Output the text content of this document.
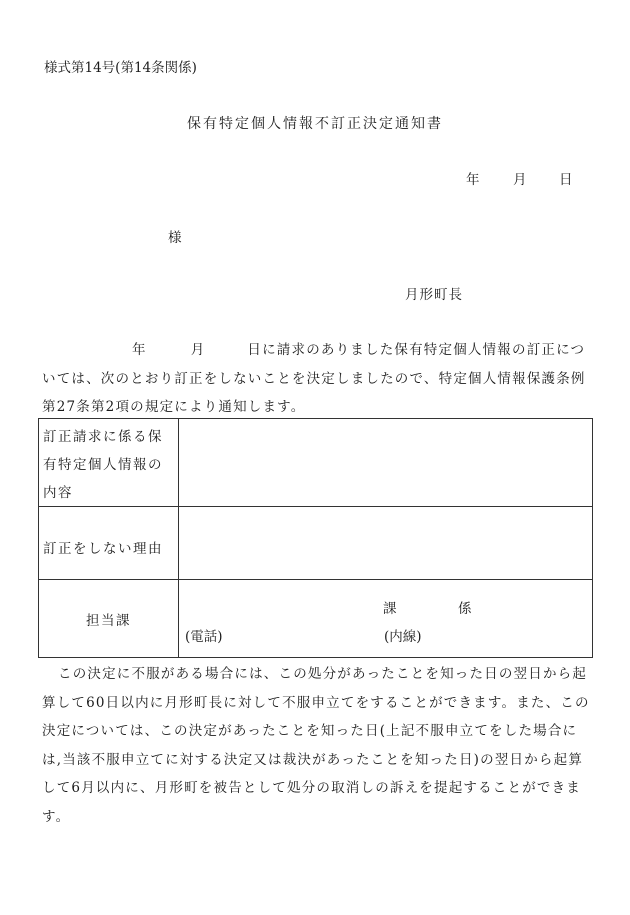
様式第14号(第14条関係)
保有特定個人情報不訂正決定通知書
年 月 日
様
月形町長
年	月	日に請求のありました保有特定個人情報の訂正については、次のとおり訂正をしないことを決定しましたので、特定個人情報保護条例第27条第2項の規定により通知します。
訂正請求に係る保有特定個人情報の内容
訂正をしない理由
担当課
課	係
(電話)	(内線)
この決定に不服がある場合には、この処分があったことを知った日の翌日から起算して60日以内に月形町長に対して不服申立てをすることができます。また、この決定については、この決定があったことを知った日(上記不服申立てをした場合には,当該不服申立てに対する決定又は裁決があったことを知った日)の翌日から起算して6月以内に、月形町を被告として処分の取消しの訴えを提起することができます。
